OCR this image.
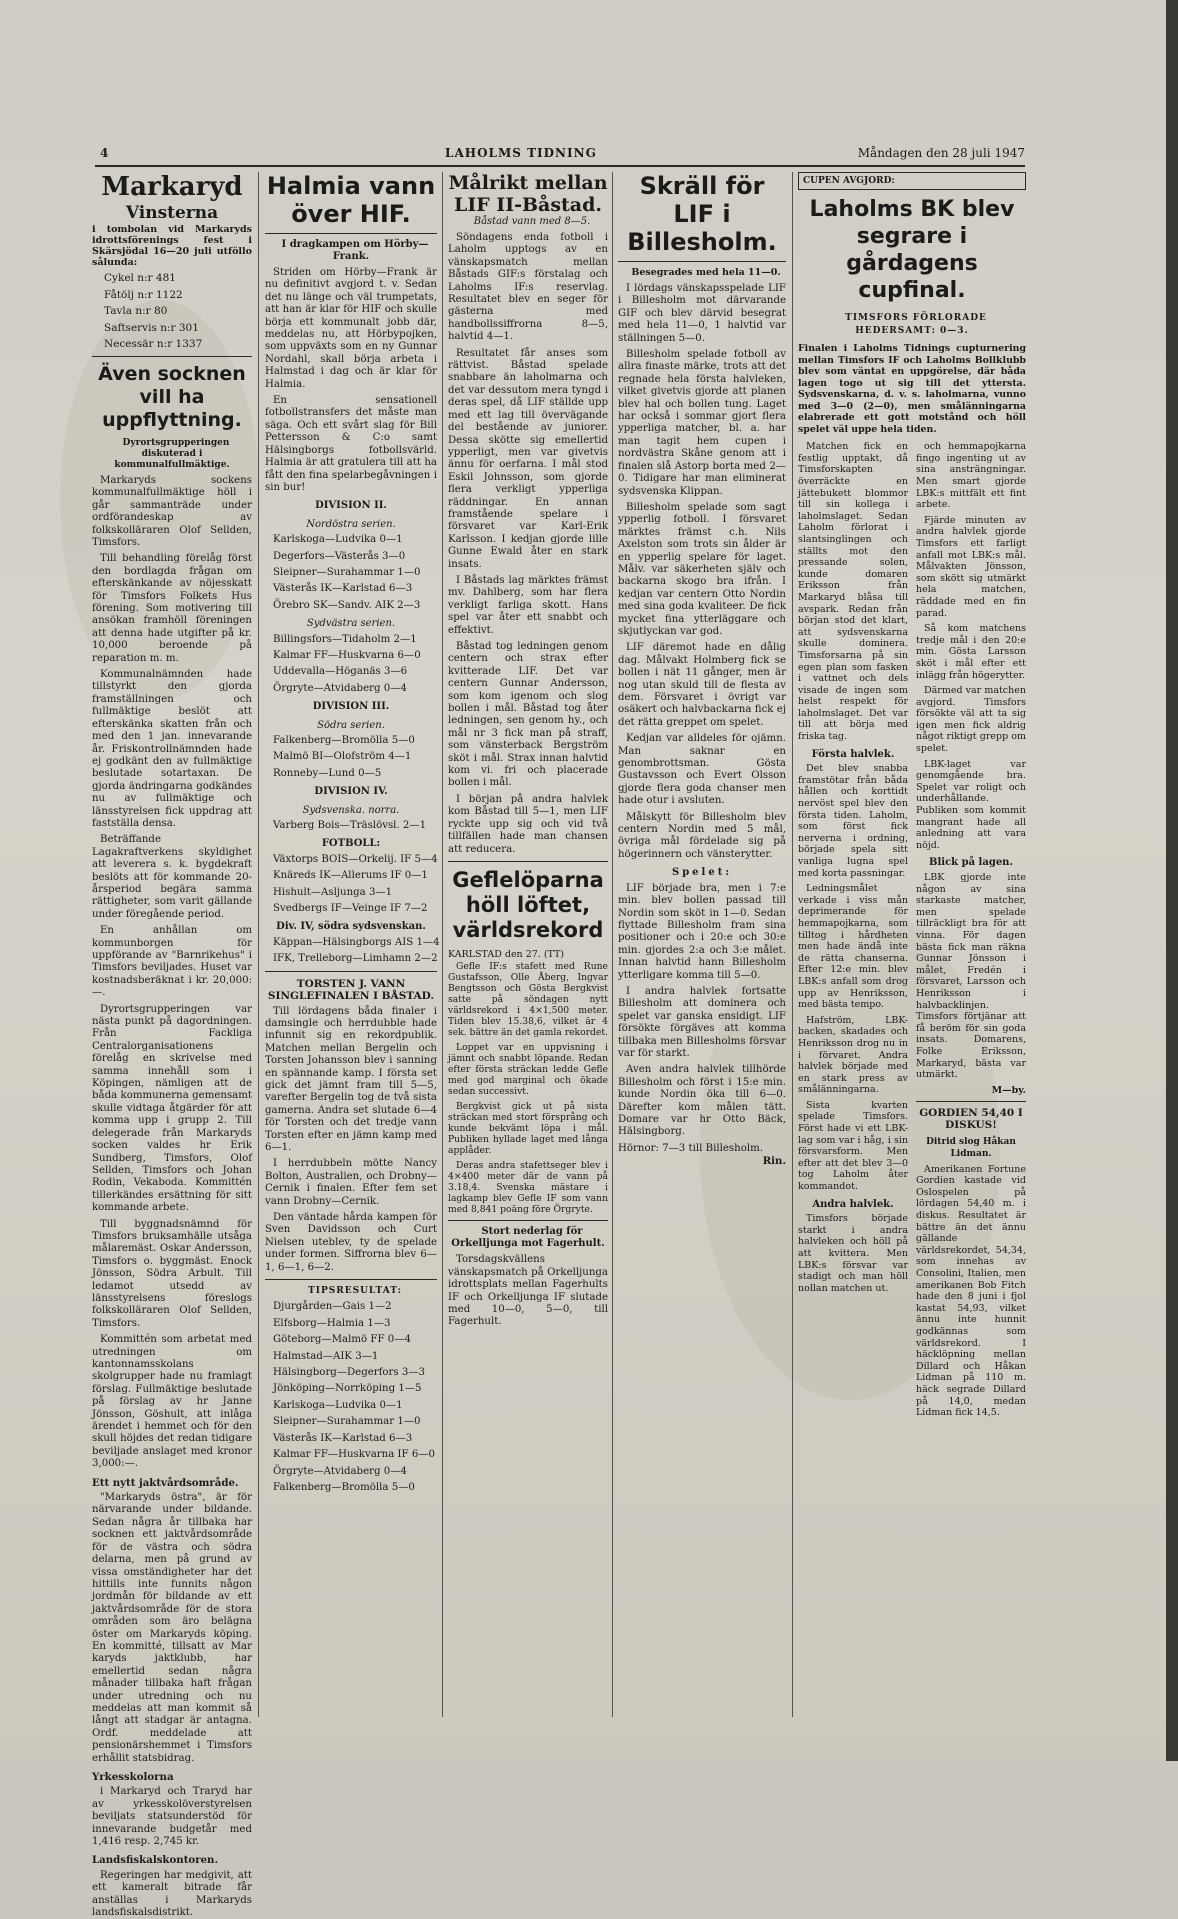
4	LAHOLMS TIDNING	Måndagen den 28 juli 1947
Markaryd
Vinsterna

i tombolan vid Markaryds idrottsförenings fest i Skärsjödal 16—20 juli utföllo sålunda:

Cykel n:r 481

Fåtölj n:r 1122

Tavla n:r 80

Saftservis n:r 301

Necessär n:r 1337

Även socknen vill ha uppflyttning.

Dyrortsgrupperingen diskuterad i kommunalfullmäktige.

Markaryds sockens kommunalfullmäktige höll i går sammanträde under ordförandeskap av folkskolläraren Olof Sellden, Timsfors.

Till behandling förelåg först den bordlagda frågan om efterskänkande av nöjesskatt för Timsfors Folkets Hus förening. Som motivering till ansökan framhöll föreningen att denna hade utgifter på kr. 10,000 beroende på reparation m. m.

Kommunalnämnden hade tillstyrkt den gjorda framställningen och fullmäktige beslöt att efterskänka skatten från och med den 1 jan. innevarande år. Friskontrollnämnden hade ej godkänt den av fullmäktige beslutade sotartaxan. De gjorda ändringarna godkändes nu av fullmäktige och länsstyrelsen fick uppdrag att fastställa densa.

Beträffande Lagakraftverkens skyldighet att leverera s. k. bygdekraft beslöts att för kommande 20-årsperiod begära samma rättigheter, som varit gällande under föregående period.

En anhållan om kommunborgen för uppförande av "Barnrikehus" i Timsfors beviljades. Huset var kostnadsberäknat i kr. 20,000:—.

Dyrortsgrupperingen var nästa punkt på dagordningen. Från Fackliga Centralorganisationens förelåg en skrivelse med samma innehåll som i Köpingen, nämligen att de båda kommunerna gemensamt skulle vidtaga åtgärder för att komma upp i grupp 2. Till delegerade från Markaryds socken valdes hr Erik Sundberg, Timsfors, Olof Sellden, Timsfors och Johan Rodin, Vekaboda. Kommittén tillerkändes ersättning för sitt kommande arbete.

Till byggnadsnämnd för Timsfors bruksamhälle utsåga målaremäst. Oskar Andersson, Timsfors o. byggmäst. Enock Jönsson, Södra Arbult. Till ledamot utsedd av länsstyrelsens föreslogs folkskolläraren Olof Sellden, Timsfors.

Kommittén som arbetat med utredningen om kantonnamsskolans skolgrupper hade nu framlagt förslag. Fullmäktige beslutade på förslag av hr Janne Jönsson, Göshult, att inlåga ärendet i hemmet och för den skull höjdes det redan tidigare beviljade anslaget med kronor 3,000:—.

Ett nytt jaktvårdsområde.

"Markaryds östra", är för närvarande under bildande. Sedan några år tillbaka har socknen ett jaktvårdsområde för de västra och södra delarna, men på grund av vissa omständigheter har det hittills inte funnits någon jordmån för bildande av ett jaktvårdsområde för de stora områden som äro belägna öster om Markaryds köping. En kommitté, tillsatt av Mar karyds jaktklubb, har emellertid sedan några månader tillbaka haft frågan under utredning och nu meddelas att man kommit så långt att stadgar är antagna. Ordf. meddelade att pensionärshemmet i Timsfors erhållit statsbidrag.

Yrkesskolorna

i Markaryd och Traryd har av yrkesskolöverstyrelsen beviljats statsunderstöd för innevarande budgetår med 1,416 resp. 2,745 kr.

Landsfiskalskontoren.

Regeringen har medgivit, att ett kameralt bitrade får anställas i Markaryds landsfiskalsdistrikt.

Halmia vann över HIF.

I dragkampen om Hörby—Frank.

Striden om Hörby—Frank är nu definitivt avgjord t. v. Sedan det nu länge och väl trumpetats, att han är klar för HIF och skulle börja ett kommunalt jobb där, meddelas nu, att Hörbypojken, som uppväxts som en ny Gunnar Nordahl, skall börja arbeta i Halmstad i dag och är klar för Halmia.

En sensationell fotbollstransfers det måste man säga. Och ett svårt slag för Bill Pettersson & C:o samt Hälsingborgs fotbollsvärld. Halmia är att gratulera till att ha fått den fina spelarbegåvningen i sin bur!

DIVISION II.

Nordöstra serien.

Karlskoga—Ludvika 0—1

Degerfors—Västerås 3—0

Sleipner—Surahammar 1—0

Västerås IK—Karlstad 6—3

Örebro SK—Sandv. AIK 2—3

Sydvästra serien.

Billingsfors—Tidaholm 2—1

Kalmar FF—Huskvarna 6—0

Uddevalla—Höganäs 3—6

Örgryte—Atvidaberg 0—4

DIVISION III.

Södra serien.

Falkenberg—Bromölla 5—0

Malmö BI—Olofström 4—1

Ronneby—Lund 0—5

DIVISION IV.

Sydsvenska. norra.

Varberg Bois—Träslövsl. 2—1

FOTBOLL:

Växtorps BOIS—Orkelij. IF 5—4

Knäreds IK—Allerums IF 0—1

Hishult—Asljunga 3—1

Svedbergs IF—Veinge IF 7—2

Div. IV, södra sydsvenskan.

Käppan—Hälsingborgs AIS 1—4

IFK, Trelleborg—Limhamn 2—2

TORSTEN J. VANN SINGLEFINALEN I BÅSTAD.

Till lördagens båda finaler i damsingle och herrdubble hade infunnit sig en rekordpublik. Matchen mellan Bergelin och Torsten Johansson blev i sanning en spännande kamp. I första set gick det jämnt fram till 5—5, varefter Bergelin tog de två sista gamerna. Andra set slutade 6—4 för Torsten och det tredje vann Torsten efter en jämn kamp med 6—1.

I herrdubbeln mötte Nancy Bolton, Australien, och Drobny—Cernik i finalen. Efter fem set vann Drobny—Cernik.

Den väntade hårda kampen för Sven Davidsson och Curt Nielsen uteblev, ty de spelade under formen. Siffrorna blev 6—1, 6—1, 6—2.

TIPSRESULTAT:

Djurgården—Gais 1—2

Elfsborg—Halmia 1—3

Göteborg—Malmö FF 0—4

Halmstad—AIK 3—1

Hälsingborg—Degerfors 3—3

Jönköping—Norrköping 1—5

Karlskoga—Ludvika 0—1

Sleipner—Surahammar 1—0

Västerås IK—Karlstad 6—3

Kalmar FF—Huskvarna IF 6—0

Örgryte—Atvidaberg 0—4

Falkenberg—Bromölla 5—0

Målrikt mellan LIF II-Båstad.

Båstad vann med 8—5.

Söndagens enda fotboll i Laholm upptogs av en vänskapsmatch mellan Båstads GIF:s förstalag och Laholms IF:s reservlag. Resultatet blev en seger för gästerna med handbollssiffrorna 8—5, halvtid 4—1.

Resultatet får anses som rättvist. Båstad spelade snabbare än laholmarna och det var dessutom mera tyngd i deras spel, då LIF ställde upp med ett lag till övervägande del bestående av juniorer. Dessa skötte sig emellertid ypperligt, men var givetvis ännu för oerfarna. I mål stod Eskil Johnsson, som gjorde flera verkligt ypperliga räddningar. En annan framstående spelare i försvaret var Karl-Erik Karlsson. I kedjan gjorde lille Gunne Ewald åter en stark insats.

I Båstads lag märktes främst mv. Dahlberg, som har flera verkligt farliga skott. Hans spel var åter ett snabbt och effektivt.

Båstad tog ledningen genom centern och strax efter kvitterade LIF. Det var centern Gunnar Andersson, som kom igenom och slog bollen i mål. Båstad tog åter ledningen, sen genom hy., och mål nr 3 fick man på straff, som vänsterback Bergström sköt i mål. Strax innan halvtid kom vi. fri och placerade bollen i mål.

I början på andra halvlek kom Båstad till 5—1, men LIF ryckte upp sig och vid två tillfällen hade man chansen att reducera.

Geflelöparna höll löftet, världsrekord

KARLSTAD den 27. (TT)

Gefle IF:s stafett med Rune Gustafsson, Olle Åberg, Ingvar Bengtsson och Gösta Bergkvist satte på söndagen nytt världsrekord i 4×1,500 meter. Tiden blev 15.38,6, vilket är 4 sek. bättre än det gamla rekordet.

Loppet var en uppvisning i jämnt och snabbt löpande. Redan efter första sträckan ledde Gefle med god marginal och ökade sedan successivt.

Bergkvist gick ut på sista sträckan med stort försprång och kunde bekvämt löpa i mål. Publiken hyllade laget med långa applåder.

Deras andra stafettseger blev i 4×400 meter där de vann på 3.18,4. Svenska mästare i lagkamp blev Gefle IF som vann med 8,841 poäng före Örgryte.

Stort nederlag för Orkelljunga mot Fagerhult.

Torsdagskvällens vänskapsmatch på Orkelljunga idrottsplats mellan Fagerhults IF och Orkelljunga IF slutade med 10—0, 5—0, till Fagerhult.

Skräll för LIF i Billesholm.

Besegrades med hela 11—0.

I lördags vänskapsspelade LIF i Billesholm mot därvarande GIF och blev därvid besegrat med hela 11—0, 1 halvtid var ställningen 5—0.

Billesholm spelade fotboll av allra finaste märke, trots att det regnade hela första halvleken, vilket givetvis gjorde att planen blev hal och bollen tung. Laget har också i sommar gjort flera ypperliga matcher, bl. a. har man tagit hem cupen i nordvästra Skåne genom att i finalen slå Astorp borta med 2—0. Tidigare har man eliminerat sydsvenska Klippan.

Billesholm spelade som sagt ypperlig fotboll. I försvaret märktes främst c.h. Nils Axelston som trots sin ålder är en ypperlig spelare för laget. Målv. var säkerheten själv och backarna skogo bra ifrån. I kedjan var centern Otto Nordin med sina goda kvaliteer. De fick mycket fina ytterläggare och skjutlyckan var god.

LIF däremot hade en dålig dag. Målvakt Holmberg fick se bollen i nät 11 gånger, men är nog utan skuld till de flesta av dem. Försvaret i övrigt var osäkert och halvbackarna fick ej det rätta greppet om spelet.

Kedjan var alldeles för ojämn. Man saknar en genombrottsman. Gösta Gustavsson och Evert Olsson gjorde flera goda chanser men hade otur i avsluten.

Målskytt för Billesholm blev centern Nordin med 5 mål, övriga mål fördelade sig på högerinnern och vänsterytter.

Spelet:

LIF började bra, men i 7:e min. blev bollen passad till Nordin som sköt in 1—0. Sedan flyttade Billesholm fram sina positioner och i 20:e och 30:e min. gjordes 2:a och 3:e målet. Innan halvtid hann Billesholm ytterligare komma till 5—0.

I andra halvlek fortsatte Billesholm att dominera och spelet var ganska ensidigt. LIF försökte förgäves att komma tillbaka men Billesholms försvar var för starkt.

Aven andra halvlek tillhörde Billesholm och först i 15:e min. kunde Nordin öka till 6—0. Därefter kom målen tätt. Domare var hr Otto Bäck, Hälsingborg.

Hörnor: 7—3 till Billesholm.

Rin.

CUPEN AVGJORD:
Laholms BK blev segrare i gårdagens cupfinal.

TIMSFORS FÖRLORADE HEDERSAMT: 0—3.

Finalen i Laholms Tidnings cupturnering mellan Timsfors IF och Laholms Bollklubb blev som väntat en uppgörelse, där båda lagen togo ut sig till det yttersta. Sydsvenskarna, d. v. s. laholmarna, vunno med 3—0 (2—0), men smålänningarna elabrerade ett gott motstånd och höll spelet väl uppe hela tiden.

Matchen fick en festlig upptakt, då Timsforskapten överräckte en jättebukett blommor till sin kollega i laholmslaget. Sedan Laholm förlorat i slantsinglingen och ställts mot den pressande solen, kunde domaren Eriksson från Markaryd blåsa till avspark. Redan från början stod det klart, att sydsvenskarna skulle dominera. Timsforsarna på sin egen plan som fasken i vattnet och dels visade de ingen som helst respekt för laholmslaget. Det var till att börja med friska tag.

Första halvlek.

Det blev snabba framstötar från båda hållen och korttidt nervöst spel blev den första tiden. Laholm, som först fick nerverna i ordning, började spela sitt vanliga lugna spel med korta passningar.

Ledningsmålet verkade i viss mån deprimerande för hemmapojkarna, som tilltog i hårdheten men hade ändå inte de rätta chanserna. Efter 12:e min. blev LBK:s anfall som drog upp av Henriksson, med bästa tempo.

Hafström, LBK-backen, skadades och Henriksson drog nu in i förvaret. Andra halvlek började med en stark press av smålänningarna.

Sista kvarten spelade Timsfors. Först hade vi ett LBK-lag som var i håg, i sin försvarsform. Men efter att det blev 3—0 tog Laholm åter kommandot.

Andra halvlek.

Timsfors började starkt i andra halvleken och höll på att kvittera. Men LBK:s försvar var stadigt och man höll nollan matchen ut.

och hemmapojkarna fingo ingenting ut av sina ansträngningar. Men smart gjorde LBK:s mittfält ett fint arbete.

Fjärde minuten av andra halvlek gjorde Timsfors ett farligt anfall mot LBK:s mål. Målvakten Jönsson, som skött sig utmärkt hela matchen, räddade med en fin parad.

Så kom matchens tredje mål i den 20:e min. Gösta Larsson sköt i mål efter ett inlägg från högerytter.

Därmed var matchen avgjord. Timsfors försökte väl att ta sig igen men fick aldrig något riktigt grepp om spelet.

LBK-laget var genomgående bra. Spelet var roligt och underhållande. Publiken som kommit mangrant hade all anledning att vara nöjd.

Blick på lagen.

LBK gjorde inte någon av sina starkaste matcher, men spelade tillräckligt bra för att vinna. För dagen bästa fick man räkna Gunnar Jönsson i målet, Fredén i försvaret, Larsson och Henriksson i halvbacklinjen. Timsfors förtjänar att få beröm för sin goda insats. Domarens, Folke Eriksson, Markaryd, bästa var utmärkt.

M—by.

GORDIEN 54,40 I DISKUS!

Ditrid slog Håkan Lidman.

Amerikanen Fortune Gordien kastade vid Oslospelen på lördagen 54,40 m. i diskus. Resultatet är bättre än det ännu gällande världsrekordet, 54,34, som innehas av Consolini, Italien, men amerikanen Bob Fitch hade den 8 juni i fjol kastat 54,93, vilket ännu inte hunnit godkännas som världsrekord. I häcklöpning mellan Dillard och Håkan Lidman på 110 m. häck segrade Dillard på 14,0, medan Lidman fick 14,5.
